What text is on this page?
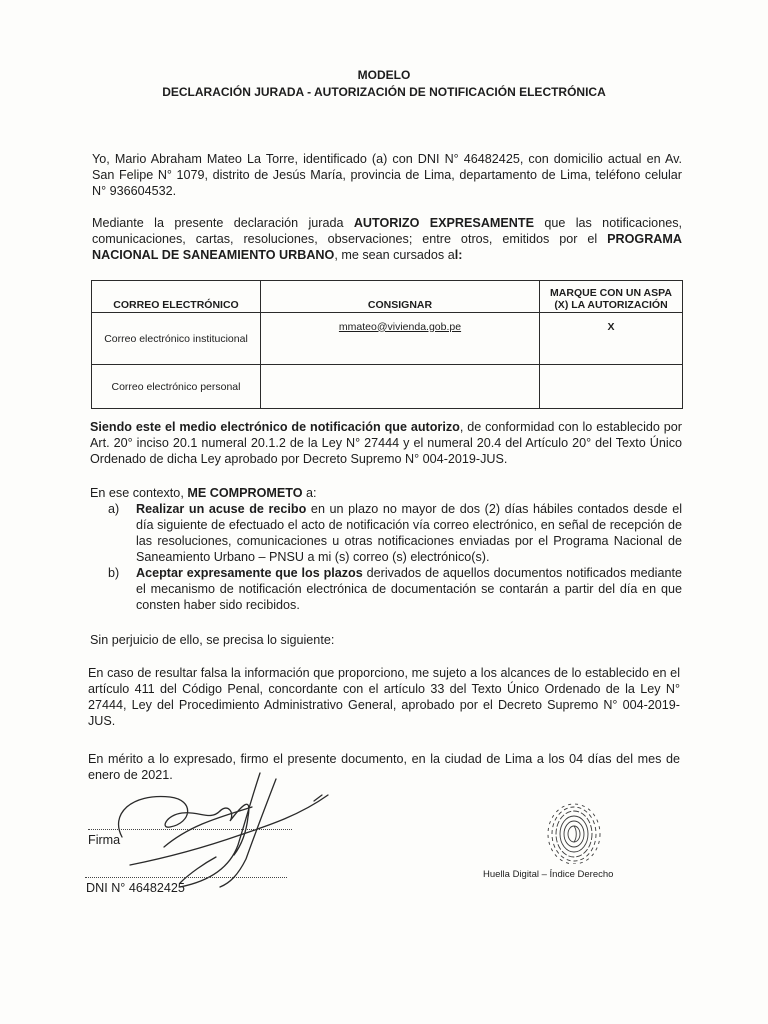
MODELO
DECLARACIÓN JURADA - AUTORIZACIÓN DE NOTIFICACIÓN ELECTRÓNICA

Yo, Mario Abraham Mateo La Torre, identificado (a) con DNI N° 46482425, con domicilio actual en Av. San Felipe N° 1079, distrito de Jesús María, provincia de Lima, departamento de Lima, teléfono celular N° 936604532.

Mediante la presente declaración jurada AUTORIZO EXPRESAMENTE que las notificaciones, comunicaciones, cartas, resoluciones, observaciones; entre otros, emitidos por el PROGRAMA NACIONAL DE SANEAMIENTO URBANO, me sean cursados al:

CORREO ELECTRÓNICO	CONSIGNAR	MARQUE CON UN ASPA (X) LA AUTORIZACIÓN
Correo electrónico institucional	mmateo@vivienda.gob.pe	X

Correo electrónico personal		

Siendo este el medio electrónico de notificación que autorizo, de conformidad con lo establecido por Art. 20° inciso 20.1 numeral 20.1.2 de la Ley N° 27444 y el numeral 20.4 del Artículo 20° del Texto Único Ordenado de dicha Ley aprobado por Decreto Supremo N° 004-2019-JUS.

En ese contexto, ME COMPROMETO a:

a)	Realizar un acuse de recibo en un plazo no mayor de dos (2) días hábiles contados desde el día siguiente de efectuado el acto de notificación vía correo electrónico, en señal de recepción de las resoluciones, comunicaciones u otras notificaciones enviadas por el Programa Nacional de Saneamiento Urbano – PNSU a mi (s) correo (s) electrónico(s).
b)	Aceptar expresamente que los plazos derivados de aquellos documentos notificados mediante el mecanismo de notificación electrónica de documentación se contarán a partir del día en que consten haber sido recibidos.

Sin perjuicio de ello, se precisa lo siguiente:

En caso de resultar falsa la información que proporciono, me sujeto a los alcances de lo establecido en el artículo 411 del Código Penal, concordante con el artículo 33 del Texto Único Ordenado de la Ley N° 27444, Ley del Procedimiento Administrativo General, aprobado por el Decreto Supremo N° 004-2019-JUS.

En mérito a lo expresado, firmo el presente documento, en la ciudad de Lima a los 04 días del mes de enero de 2021.

Firma
DNI N° 46482425
Huella Digital – Índice Derecho
